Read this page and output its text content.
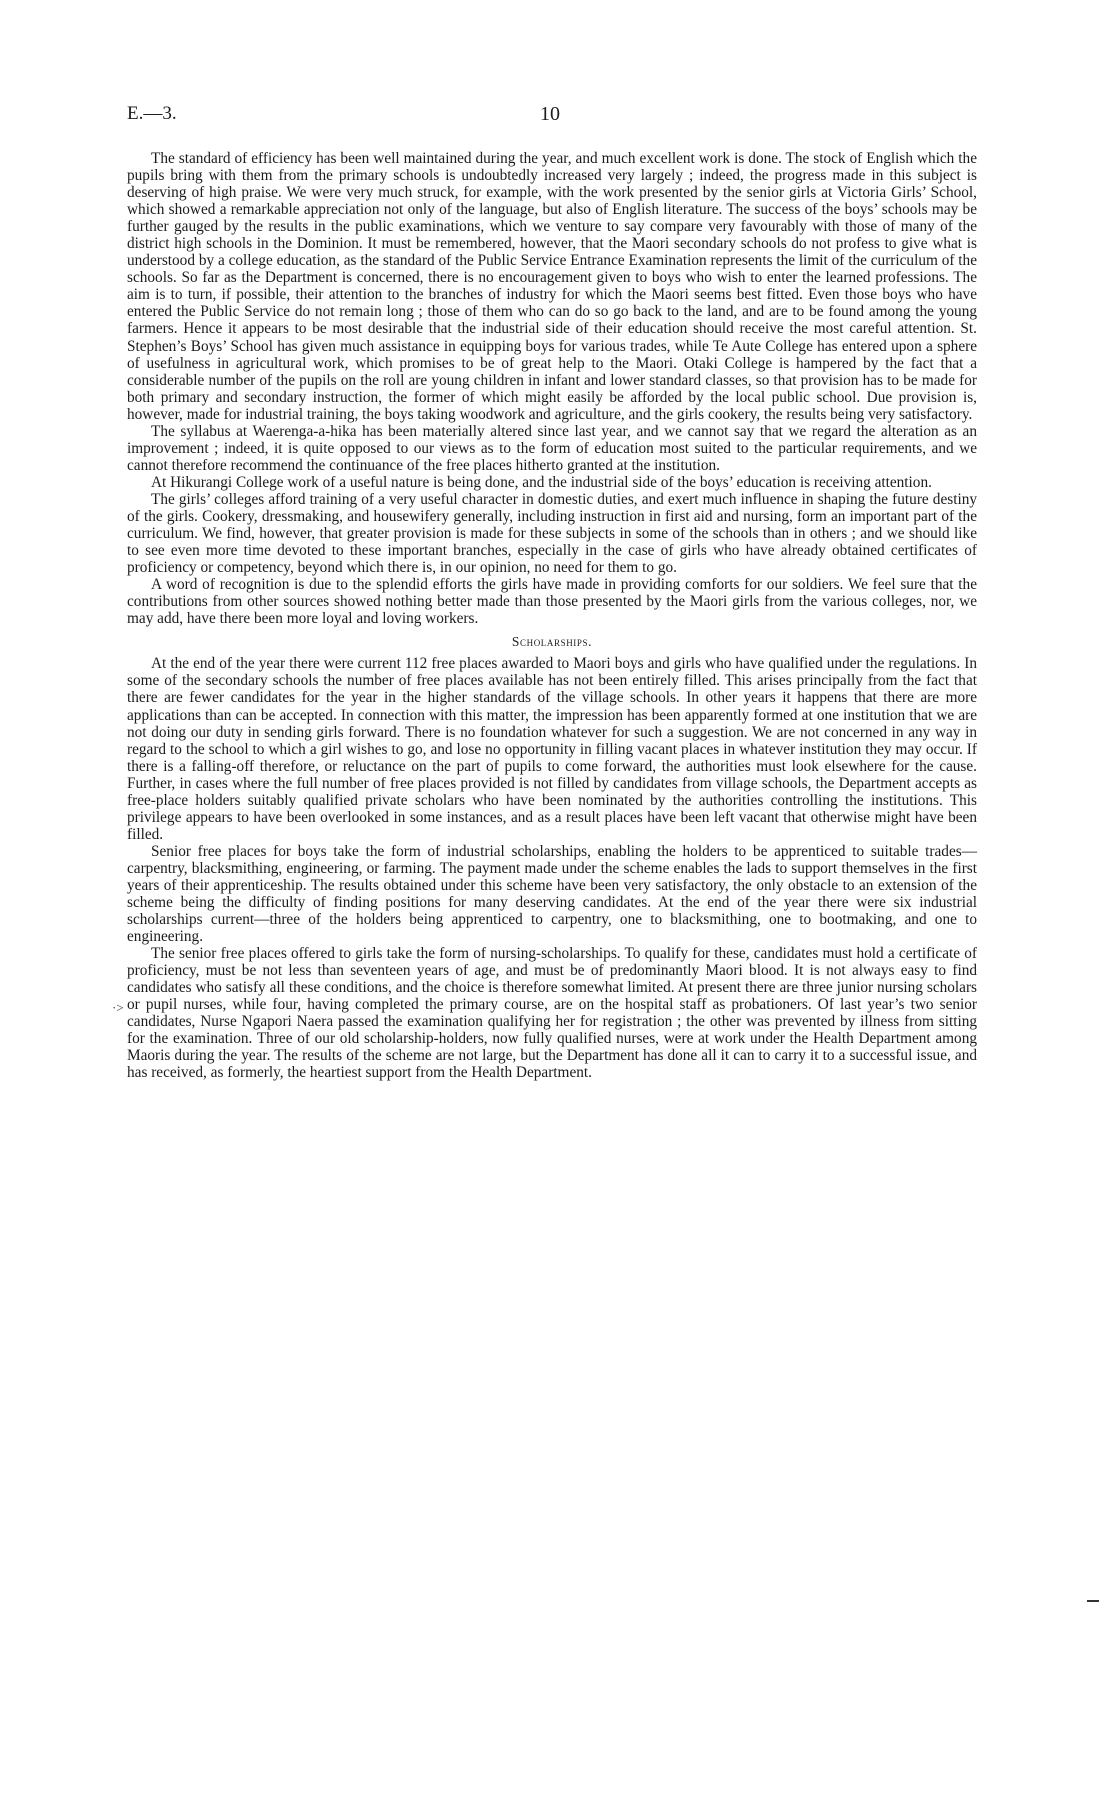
E.—3.	10
·>

The standard of efficiency has been well maintained during the year, and much excellent work is done. The stock of English which the pupils bring with them from the primary schools is undoubtedly increased very largely ; indeed, the progress made in this subject is deserving of high praise. We were very much struck, for example, with the work presented by the senior girls at Victoria Girls’ School, which showed a remarkable appreciation not only of the language, but also of English literature. The success of the boys’ schools may be further gauged by the results in the public examinations, which we venture to say compare very favourably with those of many of the district high schools in the Dominion. It must be remembered, however, that the Maori secondary schools do not profess to give what is understood by a college education, as the standard of the Public Service Entrance Examination represents the limit of the curriculum of the schools. So far as the Department is concerned, there is no encouragement given to boys who wish to enter the learned professions. The aim is to turn, if possible, their attention to the branches of industry for which the Maori seems best fitted. Even those boys who have entered the Public Service do not remain long ; those of them who can do so go back to the land, and are to be found among the young farmers. Hence it appears to be most desirable that the industrial side of their education should receive the most careful attention. St. Stephen’s Boys’ School has given much assistance in equipping boys for various trades, while Te Aute College has entered upon a sphere of usefulness in agricultural work, which promises to be of great help to the Maori. Otaki College is hampered by the fact that a considerable number of the pupils on the roll are young children in infant and lower standard classes, so that provision has to be made for both primary and secondary instruction, the former of which might easily be afforded by the local public school. Due provision is, however, made for industrial training, the boys taking woodwork and agriculture, and the girls cookery, the results being very satisfactory.

The syllabus at Waerenga-a-hika has been materially altered since last year, and we cannot say that we regard the alteration as an improvement ; indeed, it is quite opposed to our views as to the form of education most suited to the particular requirements, and we cannot therefore recommend the continuance of the free places hitherto granted at the institution.

At Hikurangi College work of a useful nature is being done, and the industrial side of the boys’ education is receiving attention.

The girls’ colleges afford training of a very useful character in domestic duties, and exert much influence in shaping the future destiny of the girls. Cookery, dressmaking, and housewifery generally, including instruction in first aid and nursing, form an important part of the curriculum. We find, however, that greater provision is made for these subjects in some of the schools than in others ; and we should like to see even more time devoted to these important branches, especially in the case of girls who have already obtained certificates of proficiency or competency, beyond which there is, in our opinion, no need for them to go.

A word of recognition is due to the splendid efforts the girls have made in providing comforts for our soldiers. We feel sure that the contributions from other sources showed nothing better made than those presented by the Maori girls from the various colleges, nor, we may add, have there been more loyal and loving workers.

Scholarships.

At the end of the year there were current 112 free places awarded to Maori boys and girls who have qualified under the regulations. In some of the secondary schools the number of free places available has not been entirely filled. This arises principally from the fact that there are fewer candidates for the year in the higher standards of the village schools. In other years it happens that there are more applications than can be accepted. In connection with this matter, the impression has been apparently formed at one institution that we are not doing our duty in sending girls forward. There is no foundation whatever for such a suggestion. We are not concerned in any way in regard to the school to which a girl wishes to go, and lose no opportunity in filling vacant places in whatever institution they may occur. If there is a falling-off therefore, or reluctance on the part of pupils to come forward, the authorities must look elsewhere for the cause. Further, in cases where the full number of free places provided is not filled by candidates from village schools, the Department accepts as free-place holders suitably qualified private scholars who have been nominated by the authorities controlling the institutions. This privilege appears to have been overlooked in some instances, and as a result places have been left vacant that otherwise might have been filled.

Senior free places for boys take the form of industrial scholarships, enabling the holders to be apprenticed to suitable trades—carpentry, blacksmithing, engineering, or farming. The payment made under the scheme enables the lads to support themselves in the first years of their apprenticeship. The results obtained under this scheme have been very satisfactory, the only obstacle to an extension of the scheme being the difficulty of finding positions for many deserving candidates. At the end of the year there were six industrial scholarships current—three of the holders being apprenticed to carpentry, one to blacksmithing, one to bootmaking, and one to engineering.

The senior free places offered to girls take the form of nursing-scholarships. To qualify for these, candidates must hold a certificate of proficiency, must be not less than seventeen years of age, and must be of predominantly Maori blood. It is not always easy to find candidates who satisfy all these conditions, and the choice is therefore somewhat limited. At present there are three junior nursing scholars or pupil nurses, while four, having completed the primary course, are on the hospital staff as probationers. Of last year’s two senior candidates, Nurse Ngapori Naera passed the examination qualifying her for registration ; the other was prevented by illness from sitting for the examination. Three of our old scholarship-holders, now fully qualified nurses, were at work under the Health Department among Maoris during the year. The results of the scheme are not large, but the Department has done all it can to carry it to a successful issue, and has received, as formerly, the heartiest support from the Health Department.
